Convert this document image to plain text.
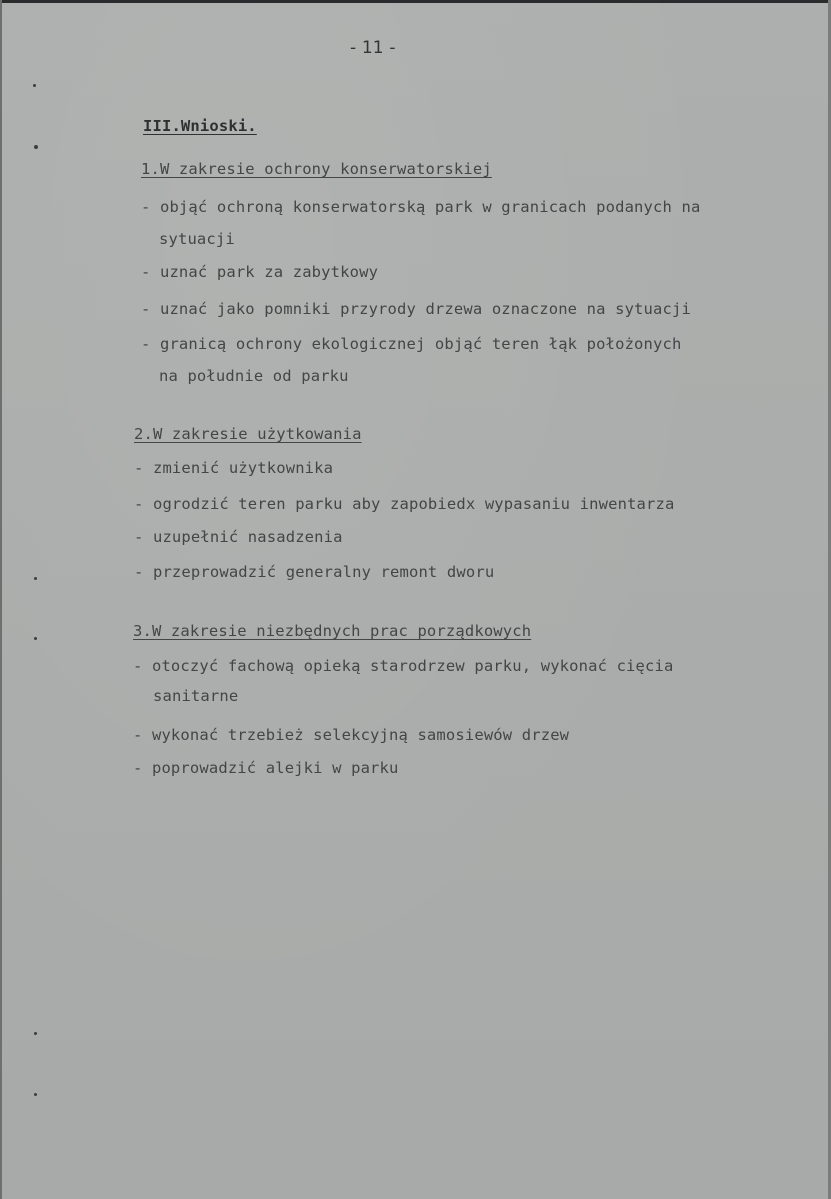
- 11 -
III.Wnioski.
1.W zakresie ochrony konserwatorskiej
- objąć ochroną konserwatorską park w granicach podanych na
sytuacji
- uznać park za zabytkowy
- uznać jako pomniki przyrody drzewa oznaczone na sytuacji
- granicą ochrony ekologicznej objąć teren łąk położonych
na południe od parku
2.W zakresie użytkowania
- zmienić użytkownika
- ogrodzić teren parku aby zapobiedx wypasaniu inwentarza
- uzupełnić nasadzenia
- przeprowadzić generalny remont dworu
3.W zakresie niezbędnych prac porządkowych
- otoczyć fachową opieką starodrzew parku, wykonać cięcia
sanitarne
- wykonać trzebież selekcyjną samosiewów drzew
- poprowadzić alejki w parku
